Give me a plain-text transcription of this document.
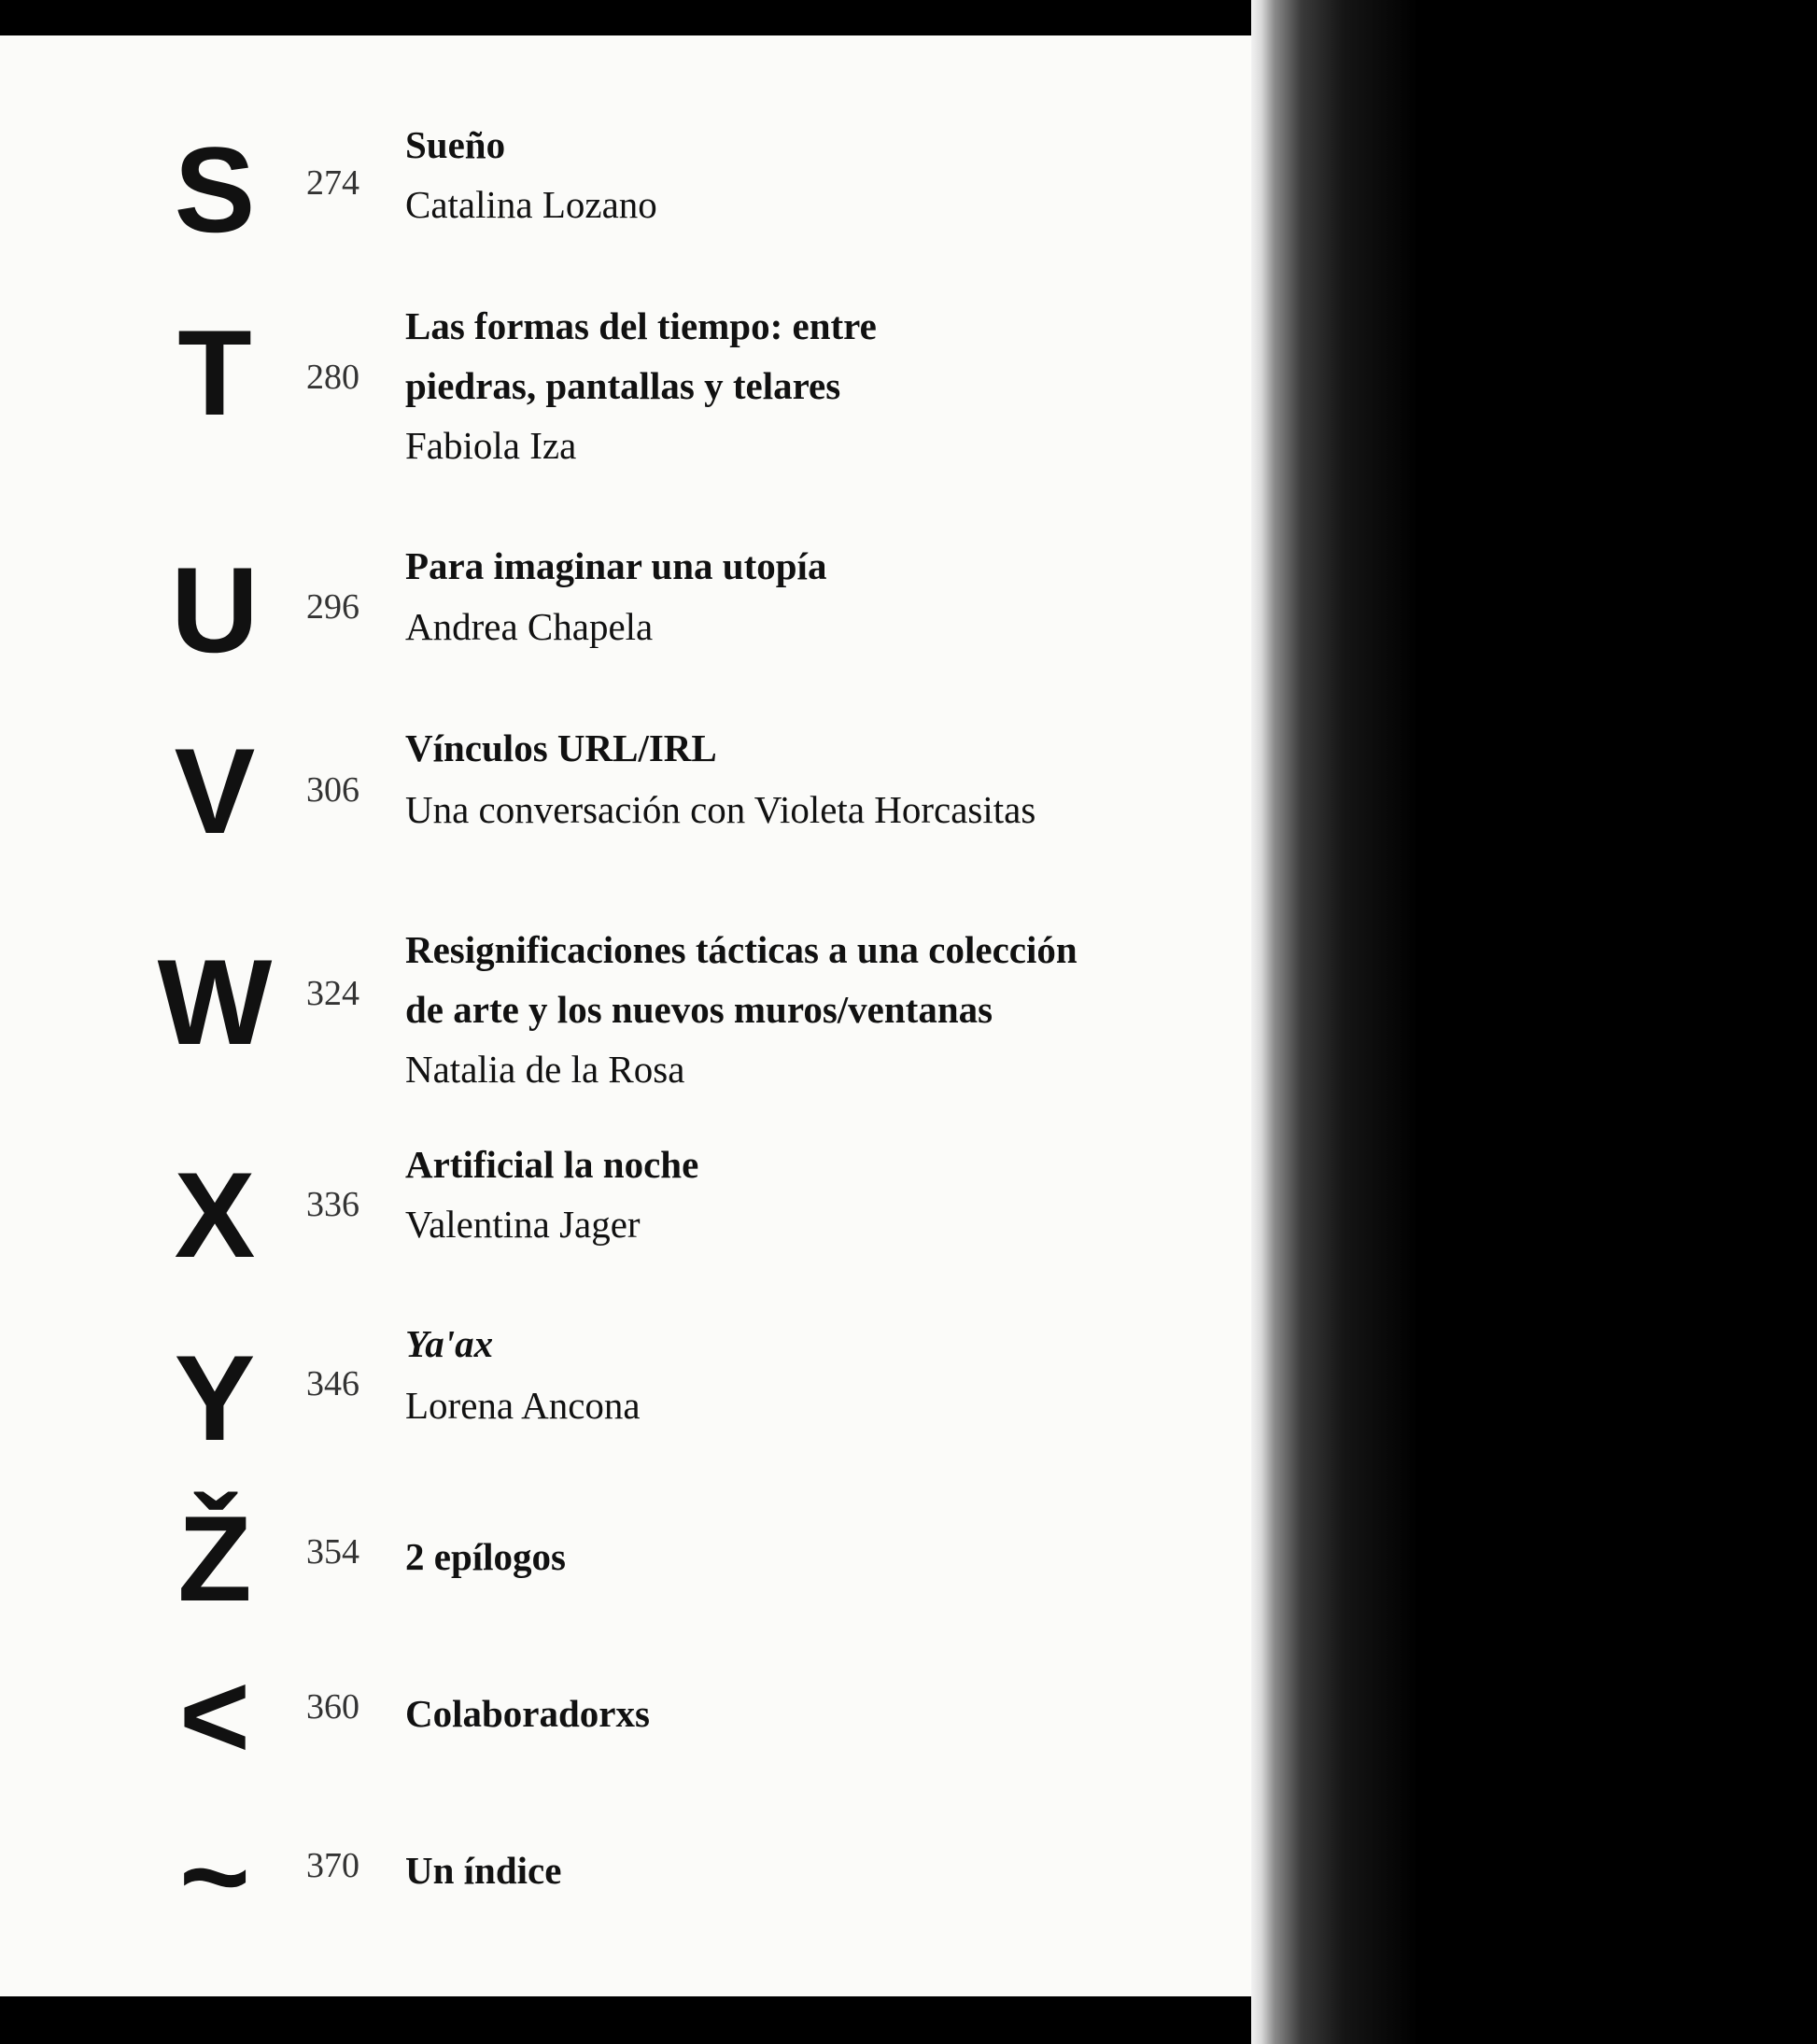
S	274
Sueño
Catalina Lozano
T	280
Las formas del tiempo: entre
piedras, pantallas y telares
Fabiola Iza
U	296
Para imaginar una utopía
Andrea Chapela
V	306
Vínculos URL/IRL
Una conversación con Violeta Horcasitas
W 324
Resignificaciones tácticas a una colección
de arte y los nuevos muros/ventanas
Natalia de la Rosa
X	336
Artificial la noche
Valentina Jager
Y	346
Ya'ax
Lorena Ancona
Ž	354	2 epílogos
<	360	Colaboradorxs
~	370	Un índice
